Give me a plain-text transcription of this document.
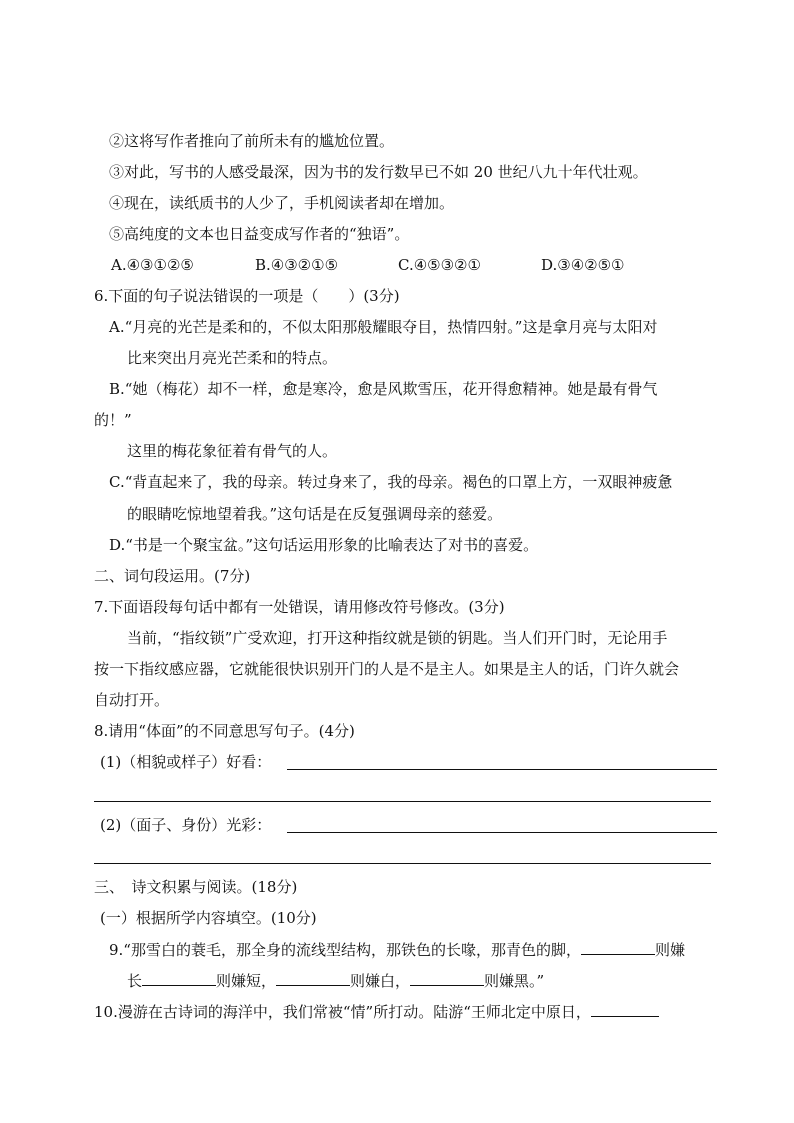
②这将写作者推向了前所未有的尴尬位置。
③对此，写书的人感受最深，因为书的发行数早已不如 20 世纪八九十年代壮观。
④现在，读纸质书的人少了，手机阅读者却在增加。
⑤高纯度的文本也日益变成写作者的“独语”。
A.④③①②⑤	B.④③②①⑤	C.④⑤③②①	D.③④②⑤①
6.下面的句子说法错误的一项是（　　）(3分)
A.“月亮的光芒是柔和的，不似太阳那般耀眼夺目，热情四射。”这是拿月亮与太阳对
比来突出月亮光芒柔和的特点。
B.“她（梅花）却不一样，愈是寒冷，愈是风欺雪压，花开得愈精神。她是最有骨气
的！”
这里的梅花象征着有骨气的人。
C.“背直起来了，我的母亲。转过身来了，我的母亲。褐色的口罩上方，一双眼神疲惫
的眼睛吃惊地望着我。”这句话是在反复强调母亲的慈爱。
D.“书是一个聚宝盆。”这句话运用形象的比喻表达了对书的喜爱。
二、词句段运用。(7分)
7.下面语段每句话中都有一处错误，请用修改符号修改。(3分)
当前，“指纹锁”广受欢迎，打开这种指纹就是锁的钥匙。当人们开门时，无论用手
按一下指纹感应器，它就能很快识别开门的人是不是主人。如果是主人的话，门许久就会
自动打开。
8.请用“体面”的不同意思写句子。(4分)
(1)（相貌或样子）好看：
(2)（面子、身份）光彩：
三、　诗文积累与阅读。(18分)
(一）根据所学内容填空。(10分)
9.“那雪白的蓑毛，那全身的流线型结构，那铁色的长喙，那青色的脚，	则嫌
长	则嫌短，	则嫌白，	则嫌黑。”
10.漫游在古诗词的海洋中，我们常被“情”所打动。陆游“王师北定中原日，
